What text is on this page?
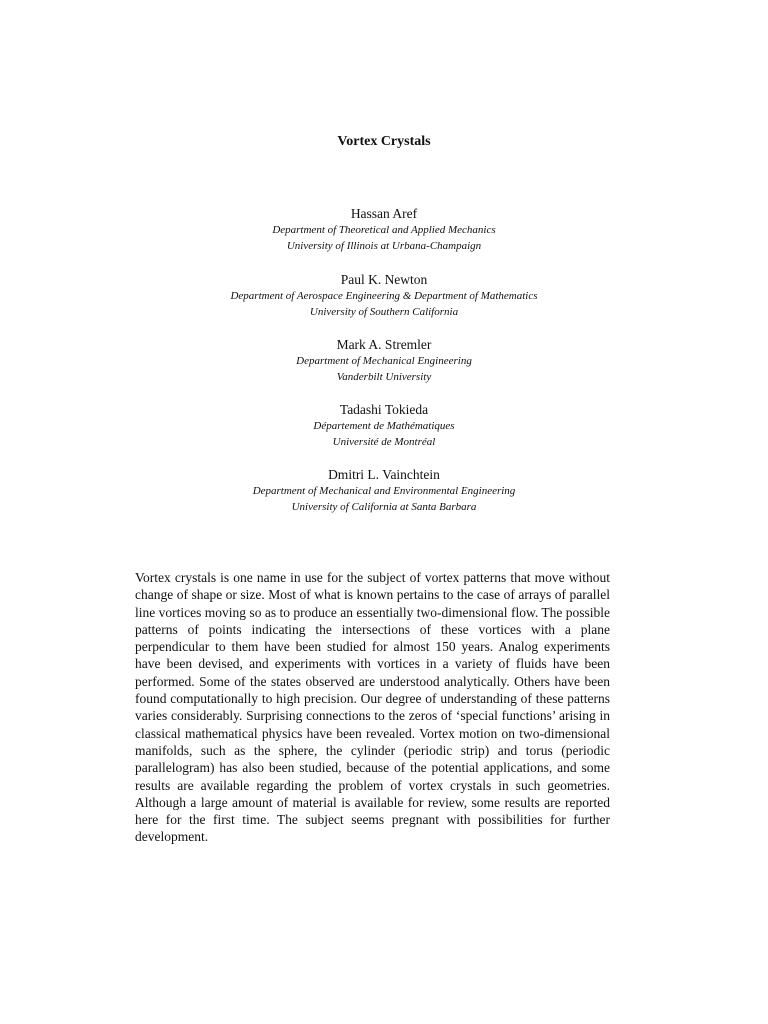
Vortex Crystals
Hassan Aref
Department of Theoretical and Applied Mechanics
University of Illinois at Urbana-Champaign
Paul K. Newton
Department of Aerospace Engineering & Department of Mathematics
University of Southern California
Mark A. Stremler
Department of Mechanical Engineering
Vanderbilt University
Tadashi Tokieda
Département de Mathématiques
Université de Montréal
Dmitri L. Vainchtein
Department of Mechanical and Environmental Engineering
University of California at Santa Barbara

Vortex crystals is one name in use for the subject of vortex patterns that move without change of shape or size. Most of what is known pertains to the case of arrays of parallel line vortices moving so as to produce an essentially two-dimensional flow. The possible patterns of points indicating the intersections of these vortices with a plane perpendicular to them have been studied for almost 150 years. Analog experiments have been devised, and experiments with vortices in a variety of fluids have been performed. Some of the states observed are understood analytically. Others have been found computationally to high precision. Our degree of understanding of these patterns varies considerably. Surprising connections to the zeros of ‘special functions’ arising in classical mathematical physics have been revealed. Vortex motion on two-dimensional manifolds, such as the sphere, the cylinder (periodic strip) and torus (periodic parallelogram) has also been studied, because of the potential applications, and some results are available regarding the problem of vortex crystals in such geometries. Although a large amount of material is available for review, some results are reported here for the first time. The subject seems pregnant with possibilities for further development.
